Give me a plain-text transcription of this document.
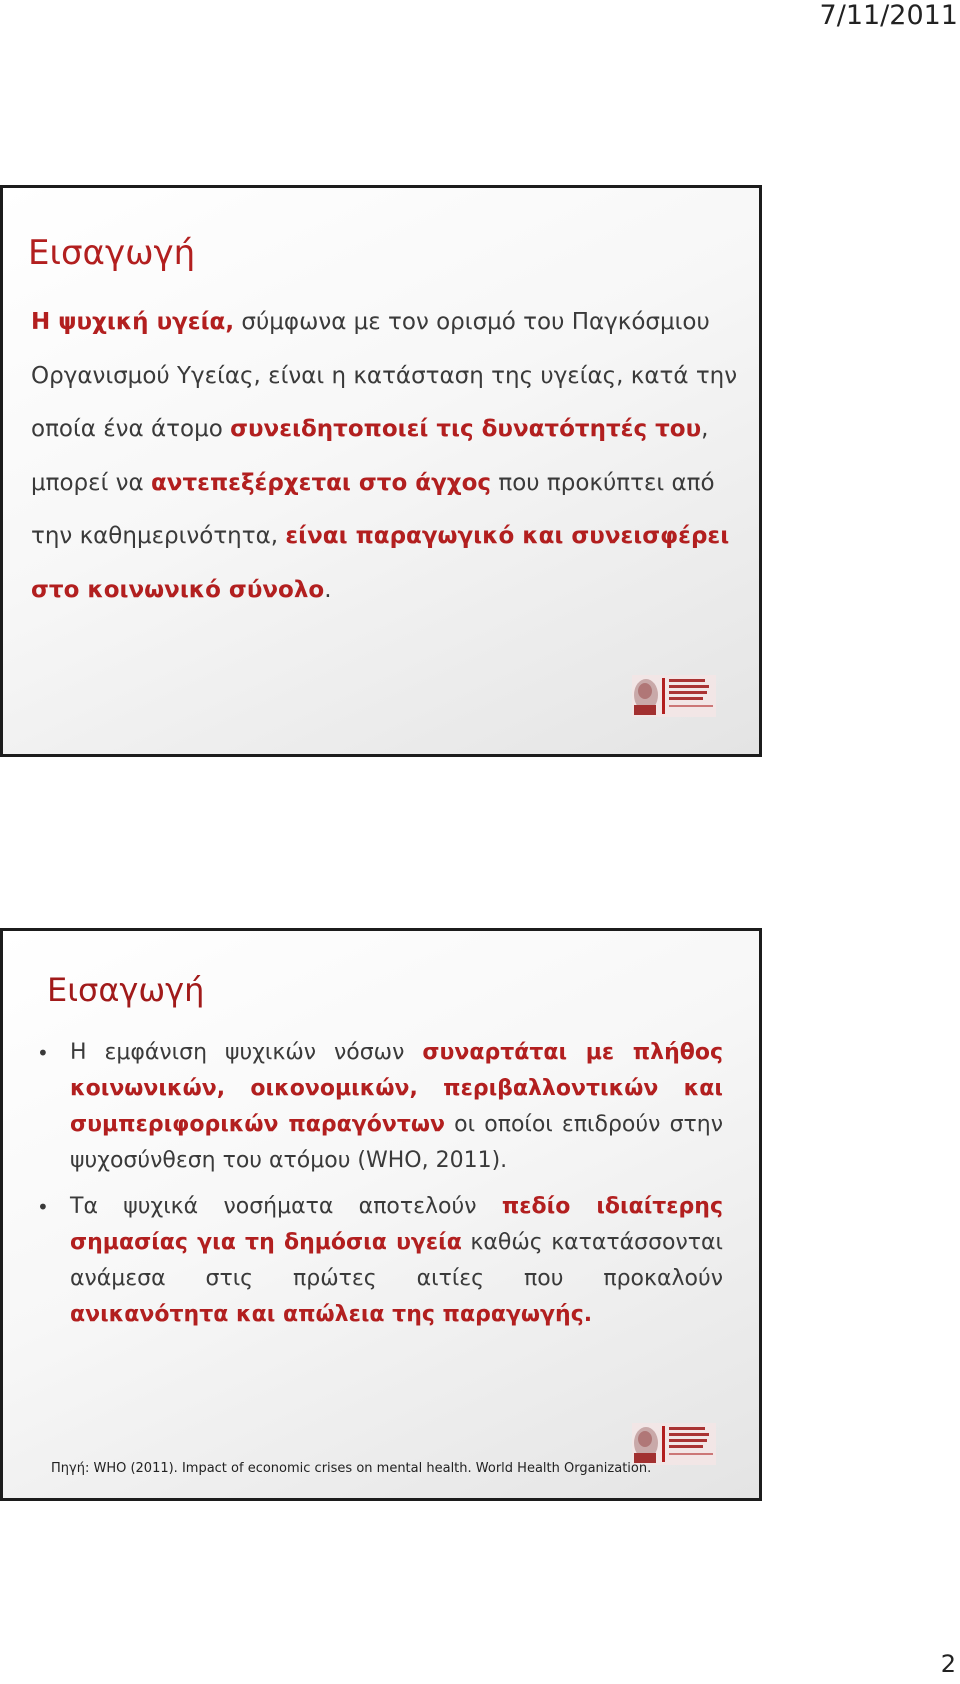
7/11/2011
Εισαγωγή

Η ψυχική υγεία, σύμφωνα με τον ορισμό του Παγκόσμιου Οργανισμού Υγείας, είναι η κατάσταση της υγείας, κατά την οποία ένα άτομο συνειδητοποιεί τις δυνατότητές του, μπορεί να αντεπεξέρχεται στο άγχος που προκύπτει από την καθημερινότητα, είναι παραγωγικό και συνεισφέρει στο κοινωνικό σύνολο.

Εισαγωγή
• Η εμφάνιση ψυχικών νόσων συναρτάται με πλήθος κοινωνικών, οικονομικών, περιβαλλοντικών και συμπεριφορικών παραγόντων οι οποίοι επιδρούν στην ψυχοσύνθεση του ατόμου (WHO, 2011).
• Τα ψυχικά νοσήματα αποτελούν πεδίο ιδιαίτερης σημασίας για τη δημόσια υγεία καθώς κατατάσσονται ανάμεσα στις πρώτες αιτίες που προκαλούν ανικανότητα και απώλεια της παραγωγής.
Πηγή: WHO (2011). Impact of economic crises on mental health. World Health Organization.
2
